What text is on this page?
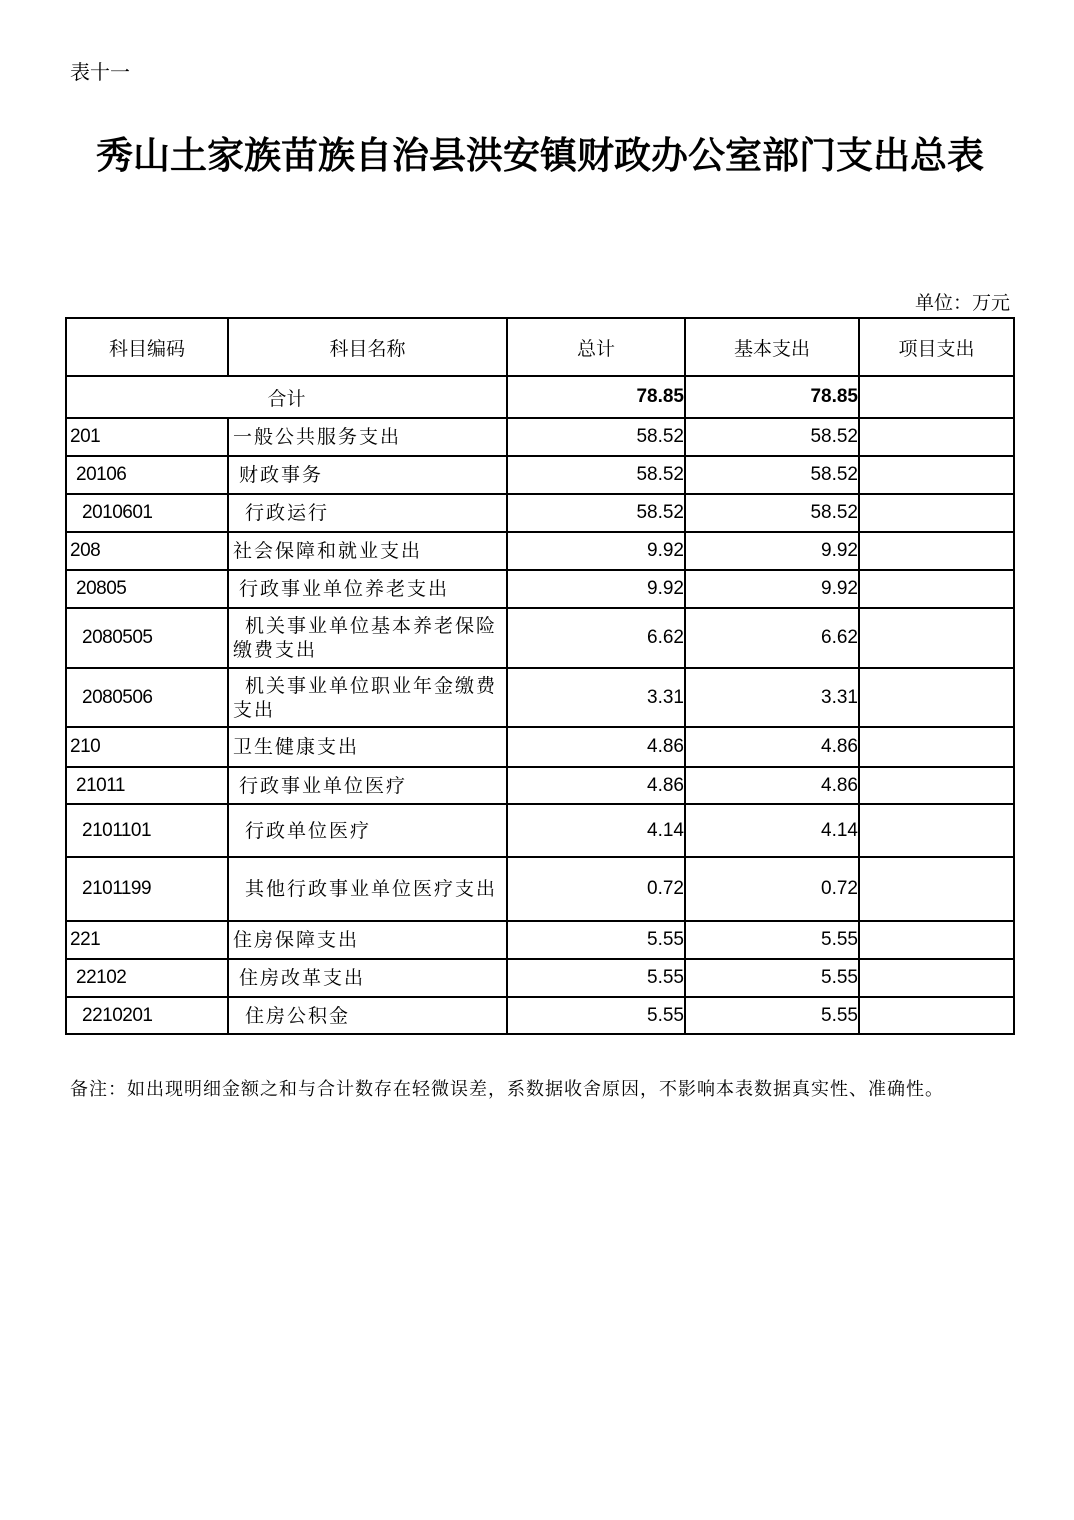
表十一
秀山土家族苗族自治县洪安镇财政办公室部门支出总表
单位：万元
科目编码	科目名称	总计	基本支出	项目支出
合计		78.85	78.85	
201	一般公共服务支出	58.52	58.52	
20106	财政事务	58.52	58.52	
2010601	行政运行	58.52	58.52	
208	社会保障和就业支出	9.92	9.92	
20805	行政事业单位养老支出	9.92	9.92	
2080505	机关事业单位基本养老保险缴费支出	6.62	6.62	
2080506	机关事业单位职业年金缴费支出	3.31	3.31	
210	卫生健康支出	4.86	4.86	
21011	行政事业单位医疗	4.86	4.86	
2101101	行政单位医疗	4.14	4.14	
2101199	其他行政事业单位医疗支出	0.72	0.72	
221	住房保障支出	5.55	5.55	
22102	住房改革支出	5.55	5.55	
2210201	住房公积金	5.55	5.55	
备注：如出现明细金额之和与合计数存在轻微误差，系数据收舍原因，不影响本表数据真实性、准确性。
